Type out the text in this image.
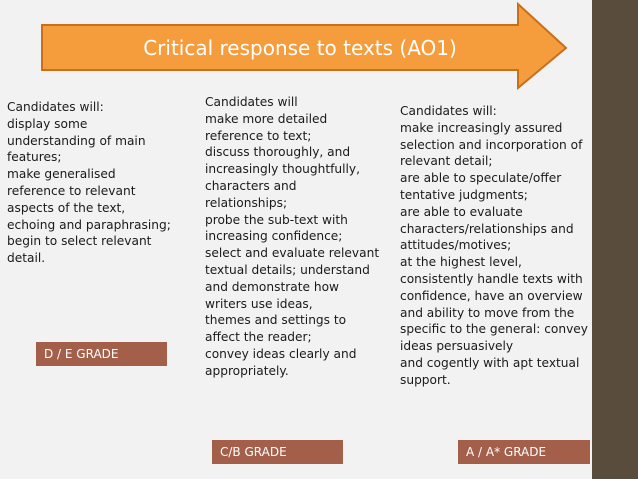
Critical response to texts (AO1)
Candidates will:
display some
understanding of main
features;
make generalised
reference to relevant
aspects of the text,
echoing and paraphrasing;
begin to select relevant
detail.
Candidates will
make more detailed
reference to text;
discuss thoroughly, and
increasingly thoughtfully,
characters and
relationships;
probe the sub-text with
increasing confidence;
select and evaluate relevant
textual details; understand
and demonstrate how
writers use ideas,
themes and settings to
affect the reader;
convey ideas clearly and
appropriately.
Candidates will:
make increasingly assured
selection and incorporation of
relevant detail;
are able to speculate/offer
tentative judgments;
are able to evaluate
characters/relationships and
attitudes/motives;
at the highest level,
consistently handle texts with
confidence, have an overview
and ability to move from the
specific to the general: convey
ideas persuasively
and cogently with apt textual
support.
D / E GRADE
C/B GRADE	A / A* GRADE
